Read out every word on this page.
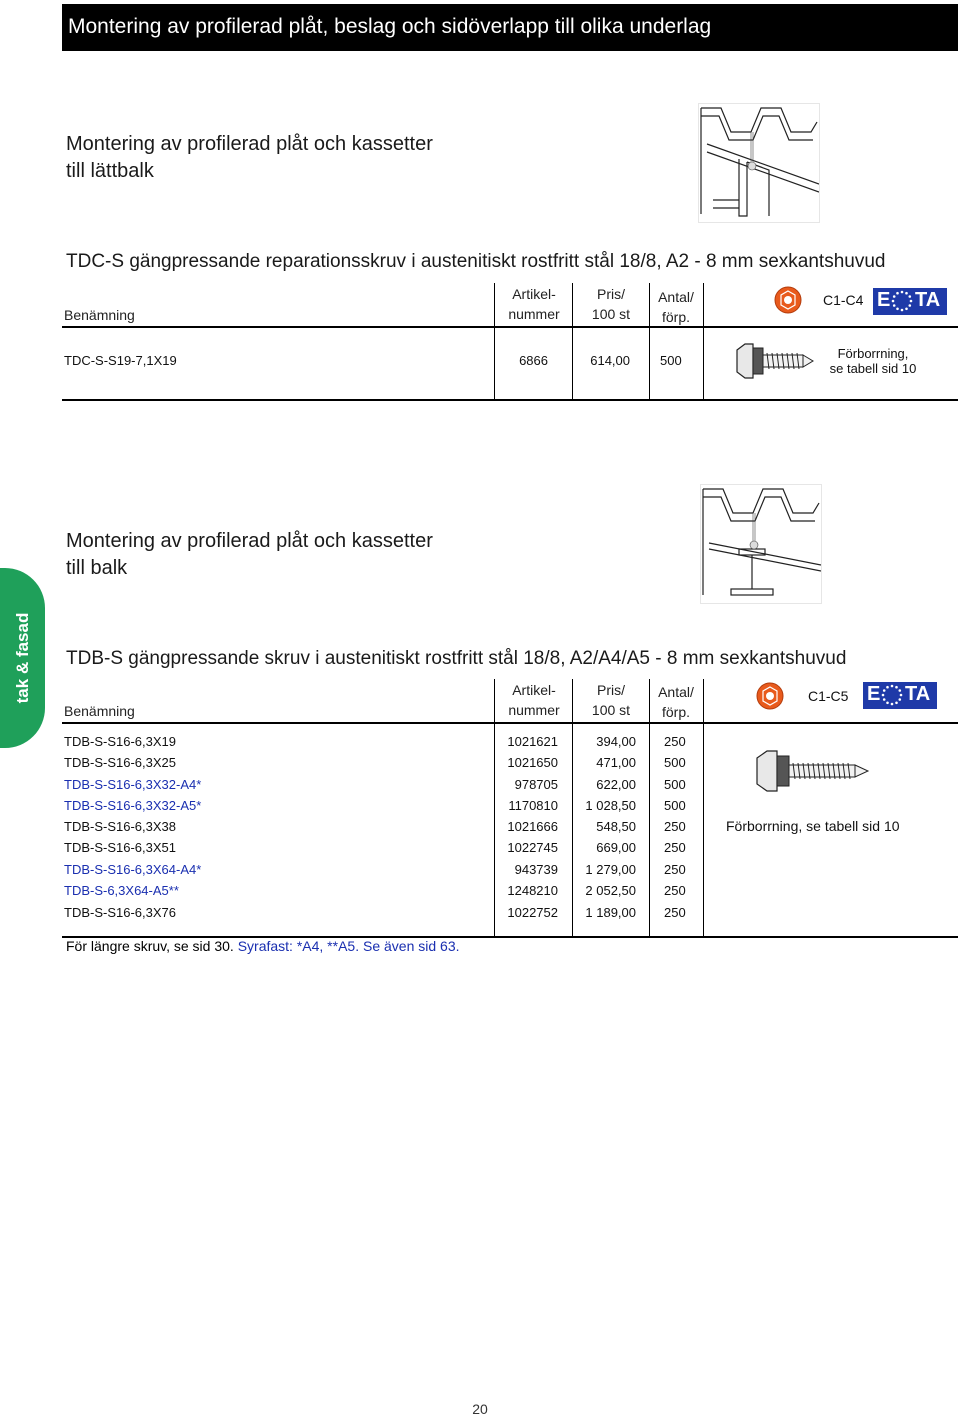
Montering av profilerad plåt, beslag och sidöverlapp till olika underlag
tak & fasad
Montering av profilerad plåt och kassetter
till lättbalk
TDC-S gängpressande reparationsskruv i austenitiskt rostfritt stål 18/8, A2 - 8 mm sexkantshuvud
Benämning
Artikel-
nummer
Pris/
100 st
Antal/
förp.
C1-C4 E TA
TDC-S-S19-7,1X19	6866	614,00 500	Förborrning,
se tabell sid 10
Montering av profilerad plåt och kassetter
till balk
TDB-S gängpressande skruv i austenitiskt rostfritt stål 18/8, A2/A4/A5 - 8 mm sexkantshuvud
Benämning
Artikel-
nummer
Pris/
100 st
Antal/
förp.
C1-C5 E TA
TDB-S-S16-6,3X19	1021621	394,00 250
TDB-S-S16-6,3X25	1021650	471,00 500
TDB-S-S16-6,3X32-A4*	978705	622,00 500
TDB-S-S16-6,3X32-A5*	1170810	1 028,50 500
TDB-S-S16-6,3X38	1021666	548,50 250
TDB-S-S16-6,3X51	1022745	669,00 250
TDB-S-S16-6,3X64-A4*	943739	1 279,00 250
TDB-S-6,3X64-A5**	1248210	2 052,50 250
TDB-S-S16-6,3X76	1022752	1 189,00 250
Förborrning, se tabell sid 10
För längre skruv, se sid 30. Syrafast: *A4, **A5. Se även sid 63.
20
